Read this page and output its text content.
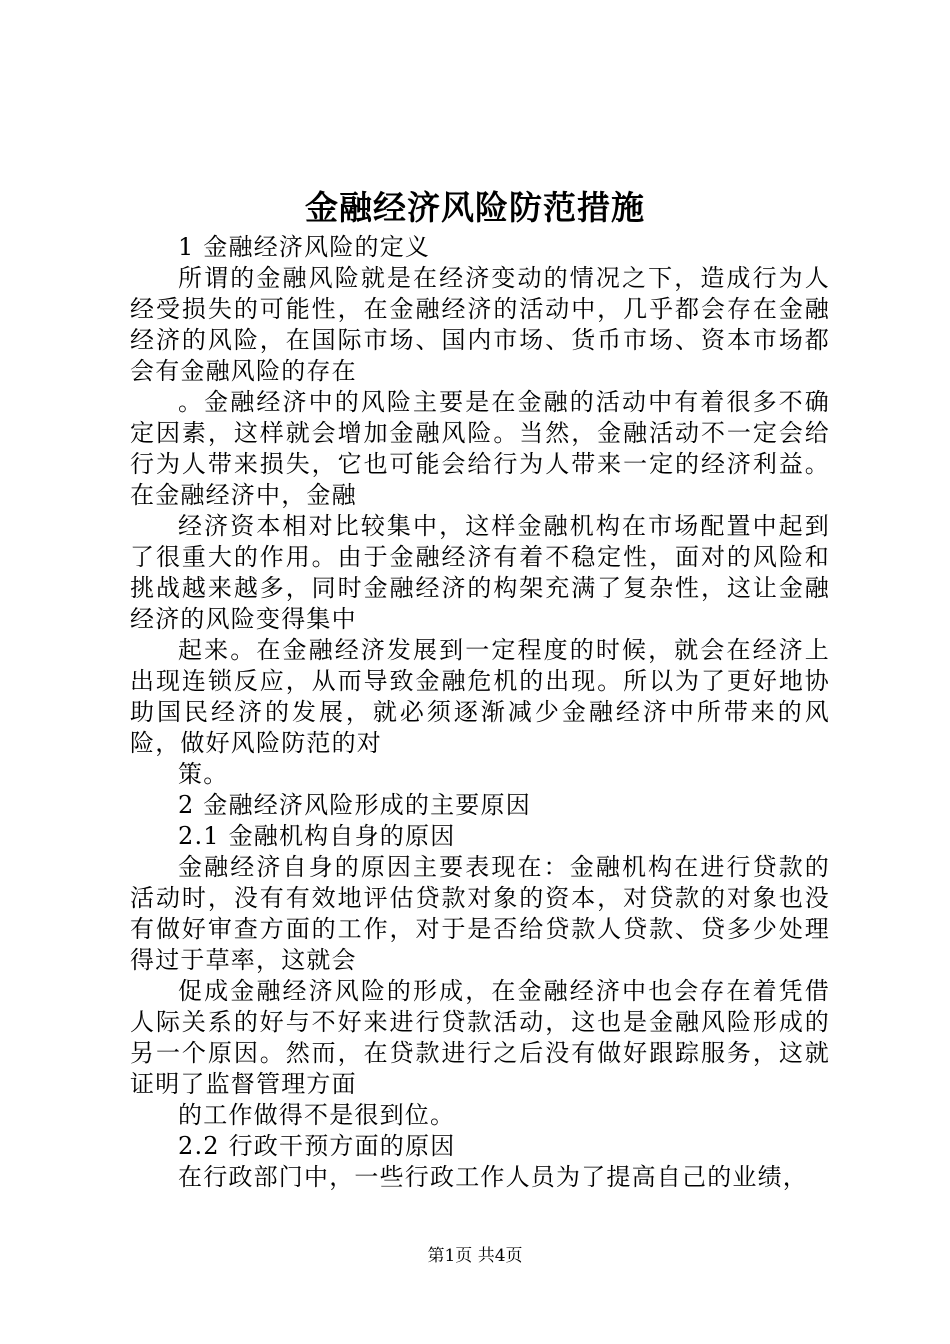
金融经济风险防范措施

1 金融经济风险的定义

所谓的金融风险就是在经济变动的情况之下，造成行为人经受损失的可能性，在金融经济的活动中，几乎都会存在金融经济的风险，在国际市场、国内市场、货币市场、资本市场都会有金融风险的存在

。金融经济中的风险主要是在金融的活动中有着很多不确定因素，这样就会增加金融风险。当然，金融活动不一定会给行为人带来损失，它也可能会给行为人带来一定的经济利益。在金融经济中，金融

经济资本相对比较集中，这样金融机构在市场配置中起到了很重大的作用。由于金融经济有着不稳定性，面对的风险和挑战越来越多，同时金融经济的构架充满了复杂性，这让金融经济的风险变得集中

起来。在金融经济发展到一定程度的时候，就会在经济上出现连锁反应，从而导致金融危机的出现。所以为了更好地协助国民经济的发展，就必须逐渐减少金融经济中所带来的风险，做好风险防范的对

策。

2 金融经济风险形成的主要原因

2.1 金融机构自身的原因

金融经济自身的原因主要表现在：金融机构在进行贷款的活动时，没有有效地评估贷款对象的资本，对贷款的对象也没有做好审查方面的工作，对于是否给贷款人贷款、贷多少处理得过于草率，这就会

促成金融经济风险的形成，在金融经济中也会存在着凭借人际关系的好与不好来进行贷款活动，这也是金融风险形成的另一个原因。然而，在贷款进行之后没有做好跟踪服务，这就证明了监督管理方面

的工作做得不是很到位。

2.2 行政干预方面的原因

在行政部门中，一些行政工作人员为了提高自己的业绩，

第1页 共4页
